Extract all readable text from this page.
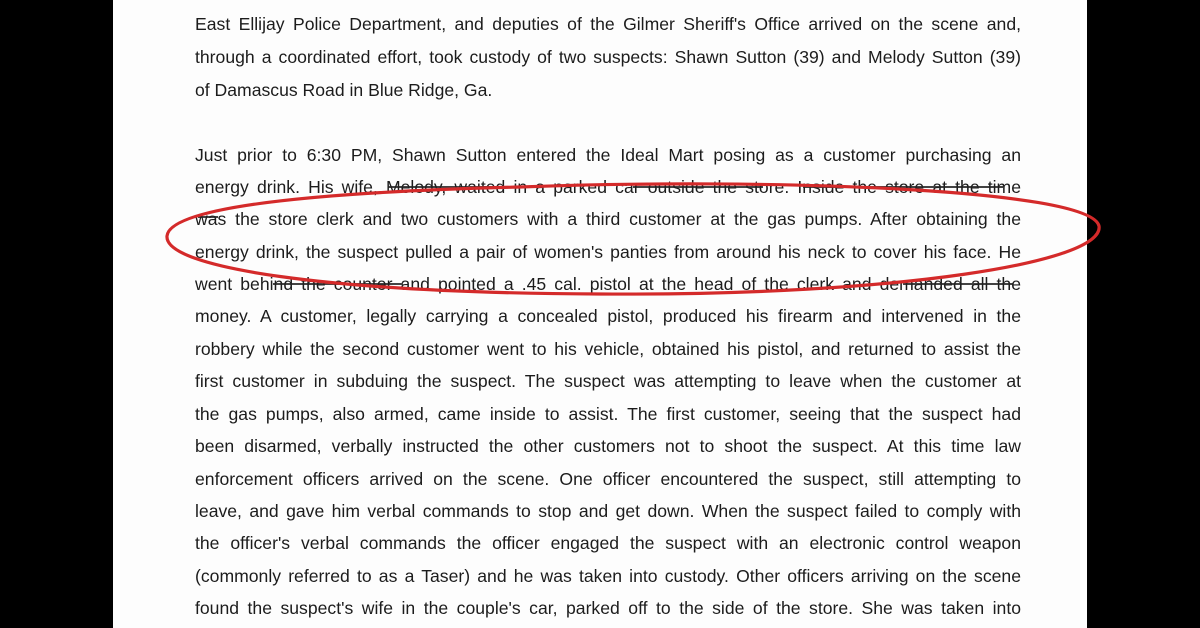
East Ellijay Police Department, and deputies of the Gilmer Sheriff's Office arrived on the scene and,
through a coordinated effort, took custody of two suspects: Shawn Sutton (39) and Melody Sutton (39)
of Damascus Road in Blue Ridge, Ga.
Just prior to 6:30 PM, Shawn Sutton entered the Ideal Mart posing as a customer purchasing an
energy drink. His wife, Melody, waited in a parked car outside the store. Inside the store at the time
was the store clerk and two customers with a third customer at the gas pumps. After obtaining the
energy drink, the suspect pulled a pair of women's panties from around his neck to cover his face. He
went behind the counter and pointed a .45 cal. pistol at the head of the clerk and demanded all the
money. A customer, legally carrying a concealed pistol, produced his firearm and intervened in the
robbery while the second customer went to his vehicle, obtained his pistol, and returned to assist the
first customer in subduing the suspect. The suspect was attempting to leave when the customer at
the gas pumps, also armed, came inside to assist. The first customer, seeing that the suspect had
been disarmed, verbally instructed the other customers not to shoot the suspect. At this time law
enforcement officers arrived on the scene. One officer encountered the suspect, still attempting to
leave, and gave him verbal commands to stop and get down. When the suspect failed to comply with
the officer's verbal commands the officer engaged the suspect with an electronic control weapon
(commonly referred to as a Taser) and he was taken into custody. Other officers arriving on the scene
found the suspect's wife in the couple's car, parked off to the side of the store. She was taken into
